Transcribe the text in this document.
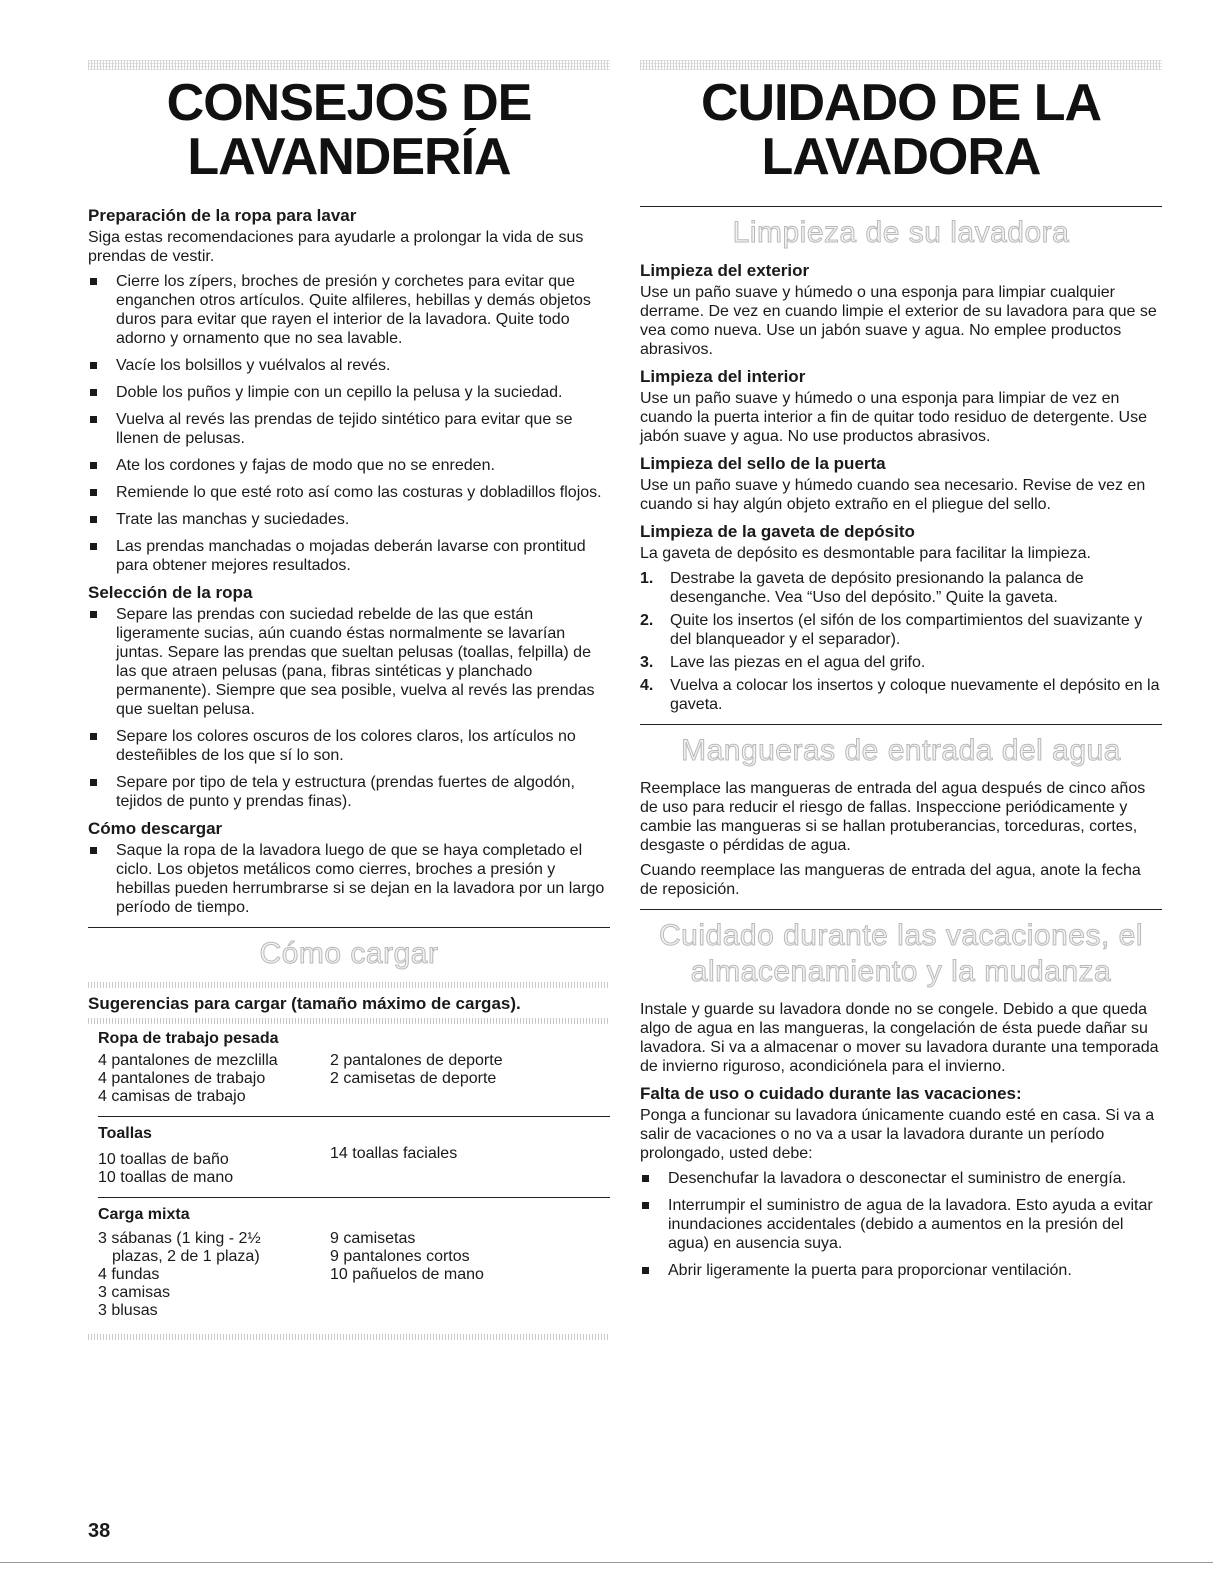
CONSEJOS DE
LAVANDERÍA
Preparación de la ropa para lavar

Siga estas recomendaciones para ayudarle a prolongar la vida de sus prendas de vestir.

Cierre los zípers, broches de presión y corchetes para evitar que enganchen otros artículos. Quite alfileres, hebillas y demás objetos duros para evitar que rayen el interior de la lavadora. Quite todo adorno y ornamento que no sea lavable.
Vacíe los bolsillos y vuélvalos al revés.
Doble los puños y limpie con un cepillo la pelusa y la suciedad.
Vuelva al revés las prendas de tejido sintético para evitar que se llenen de pelusas.
Ate los cordones y fajas de modo que no se enreden.
Remiende lo que esté roto así como las costuras y dobladillos flojos.
Trate las manchas y suciedades.
Las prendas manchadas o mojadas deberán lavarse con prontitud para obtener mejores resultados.
Selección de la ropa
Separe las prendas con suciedad rebelde de las que están ligeramente sucias, aún cuando éstas normalmente se lavarían juntas. Separe las prendas que sueltan pelusas (toallas, felpilla) de las que atraen pelusas (pana, fibras sintéticas y planchado permanente). Siempre que sea posible, vuelva al revés las prendas que sueltan pelusa.
Separe los colores oscuros de los colores claros, los artículos no desteñibles de los que sí lo son.
Separe por tipo de tela y estructura (prendas fuertes de algodón, tejidos de punto y prendas finas).
Cómo descargar
Saque la ropa de la lavadora luego de que se haya completado el ciclo. Los objetos metálicos como cierres, broches a presión y hebillas pueden herrumbrarse si se dejan en la lavadora por un largo período de tiempo.
Cómo cargar
Sugerencias para cargar (tamaño máximo de cargas).
Ropa de trabajo pesada
4 pantalones de mezclilla
4 pantalones de trabajo
4 camisas de trabajo
2 pantalones de deporte
2 camisetas de deporte
Toallas
10 toallas de baño
10 toallas de mano
14 toallas faciales
Carga mixta
3 sábanas (1 king - 2½
plazas, 2 de 1 plaza)
4 fundas
3 camisas
3 blusas
9 camisetas
9 pantalones cortos
10 pañuelos de mano
CUIDADO DE LA
LAVADORA
Limpieza de su lavadora
Limpieza del exterior

Use un paño suave y húmedo o una esponja para limpiar cualquier derrame. De vez en cuando limpie el exterior de su lavadora para que se vea como nueva. Use un jabón suave y agua. No emplee productos abrasivos.

Limpieza del interior

Use un paño suave y húmedo o una esponja para limpiar de vez en cuando la puerta interior a fin de quitar todo residuo de detergente. Use jabón suave y agua. No use productos abrasivos.

Limpieza del sello de la puerta

Use un paño suave y húmedo cuando sea necesario. Revise de vez en cuando si hay algún objeto extraño en el pliegue del sello.

Limpieza de la gaveta de depósito

La gaveta de depósito es desmontable para facilitar la limpieza.

1. Destrabe la gaveta de depósito presionando la palanca de desenganche. Vea “Uso del depósito.” Quite la gaveta.
2. Quite los insertos (el sifón de los compartimientos del suavizante y del blanqueador y el separador).
3. Lave las piezas en el agua del grifo.
4. Vuelva a colocar los insertos y coloque nuevamente el depósito en la gaveta.
Mangueras de entrada del agua

Reemplace las mangueras de entrada del agua después de cinco años de uso para reducir el riesgo de fallas. Inspeccione periódicamente y cambie las mangueras si se hallan protuberancias, torceduras, cortes, desgaste o pérdidas de agua.

Cuando reemplace las mangueras de entrada del agua, anote la fecha de reposición.

Cuidado durante las vacaciones, el
almacenamiento y la mudanza

Instale y guarde su lavadora donde no se congele. Debido a que queda algo de agua en las mangueras, la congelación de ésta puede dañar su lavadora. Si va a almacenar o mover su lavadora durante una temporada de invierno riguroso, acondiciónela para el invierno.

Falta de uso o cuidado durante las vacaciones:

Ponga a funcionar su lavadora únicamente cuando esté en casa. Si va a salir de vacaciones o no va a usar la lavadora durante un período prolongado, usted debe:

Desenchufar la lavadora o desconectar el suministro de energía.
Interrumpir el suministro de agua de la lavadora. Esto ayuda a evitar inundaciones accidentales (debido a aumentos en la presión del agua) en ausencia suya.
Abrir ligeramente la puerta para proporcionar ventilación.
38
